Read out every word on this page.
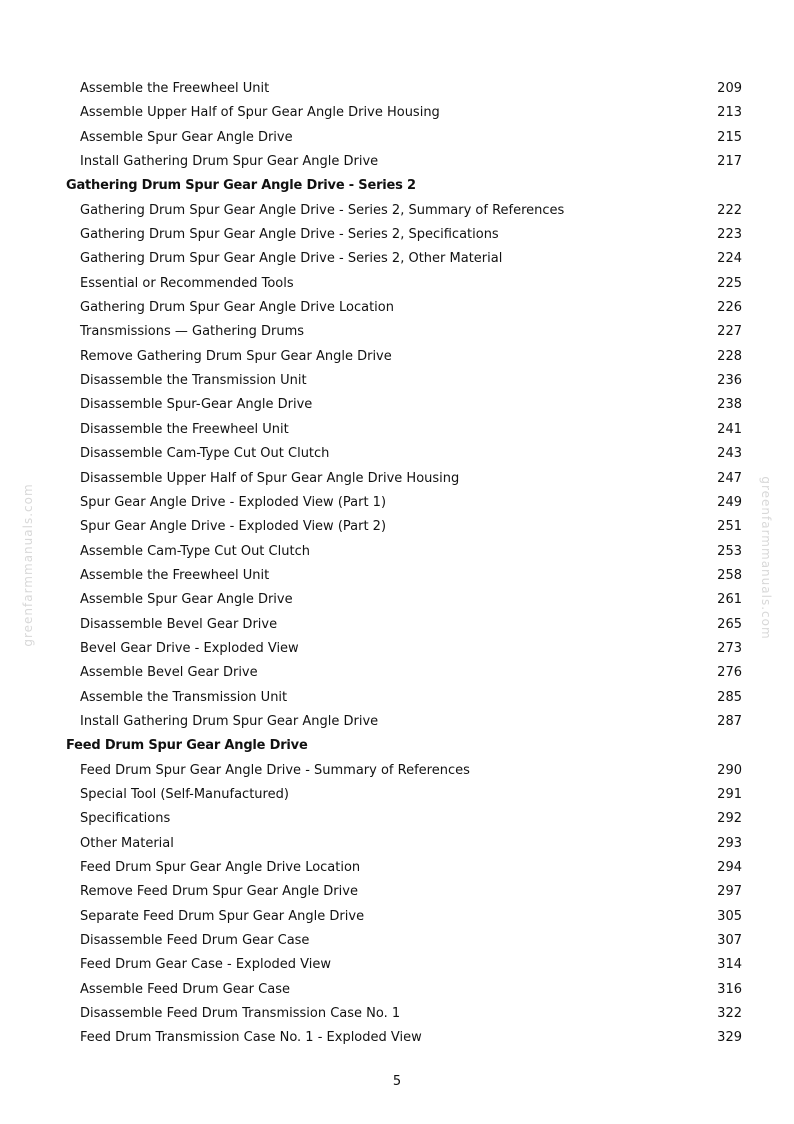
greenfarmmanuals.com	greenfarmmanuals.com
Assemble the Freewheel Unit	209
Assemble Upper Half of Spur Gear Angle Drive Housing	213
Assemble Spur Gear Angle Drive	215
Install Gathering Drum Spur Gear Angle Drive	217
Gathering Drum Spur Gear Angle Drive - Series 2
Gathering Drum Spur Gear Angle Drive - Series 2, Summary of References	222
Gathering Drum Spur Gear Angle Drive - Series 2, Specifications	223
Gathering Drum Spur Gear Angle Drive - Series 2, Other Material	224
Essential or Recommended Tools	225
Gathering Drum Spur Gear Angle Drive Location	226
Transmissions — Gathering Drums	227
Remove Gathering Drum Spur Gear Angle Drive	228
Disassemble the Transmission Unit	236
Disassemble Spur-Gear Angle Drive	238
Disassemble the Freewheel Unit	241
Disassemble Cam-Type Cut Out Clutch	243
Disassemble Upper Half of Spur Gear Angle Drive Housing	247
Spur Gear Angle Drive - Exploded View (Part 1)	249
Spur Gear Angle Drive - Exploded View (Part 2)	251
Assemble Cam-Type Cut Out Clutch	253
Assemble the Freewheel Unit	258
Assemble Spur Gear Angle Drive	261
Disassemble Bevel Gear Drive	265
Bevel Gear Drive - Exploded View	273
Assemble Bevel Gear Drive	276
Assemble the Transmission Unit	285
Install Gathering Drum Spur Gear Angle Drive	287
Feed Drum Spur Gear Angle Drive
Feed Drum Spur Gear Angle Drive - Summary of References	290
Special Tool (Self-Manufactured)	291
Specifications	292
Other Material	293
Feed Drum Spur Gear Angle Drive Location	294
Remove Feed Drum Spur Gear Angle Drive	297
Separate Feed Drum Spur Gear Angle Drive	305
Disassemble Feed Drum Gear Case	307
Feed Drum Gear Case - Exploded View	314
Assemble Feed Drum Gear Case	316
Disassemble Feed Drum Transmission Case No. 1	322
Feed Drum Transmission Case No. 1 - Exploded View	329
5
